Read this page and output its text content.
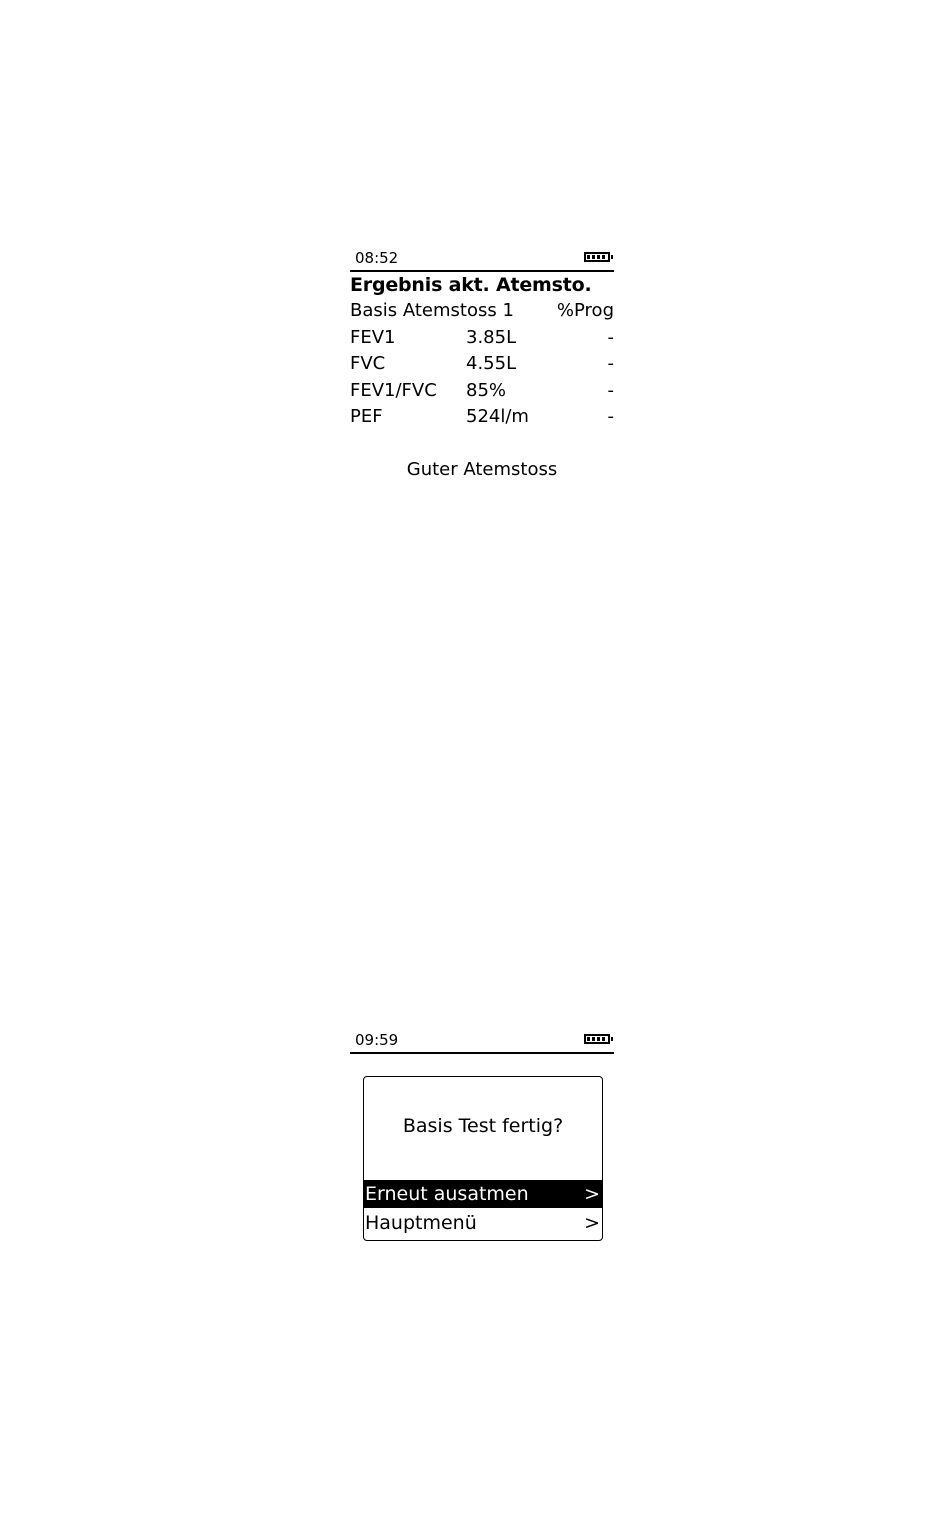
08:52
Ergebnis akt. Atemsto.
Basis Atemstoss 1 %Prog
FEV1	3.85L	-
FVC	4.55L	-
FEV1/FVC 85%	-
PEF	524l/m	-
Guter Atemstoss
09:59
Basis Test fertig?
Erneut ausatmen	>
Hauptmenü	>
